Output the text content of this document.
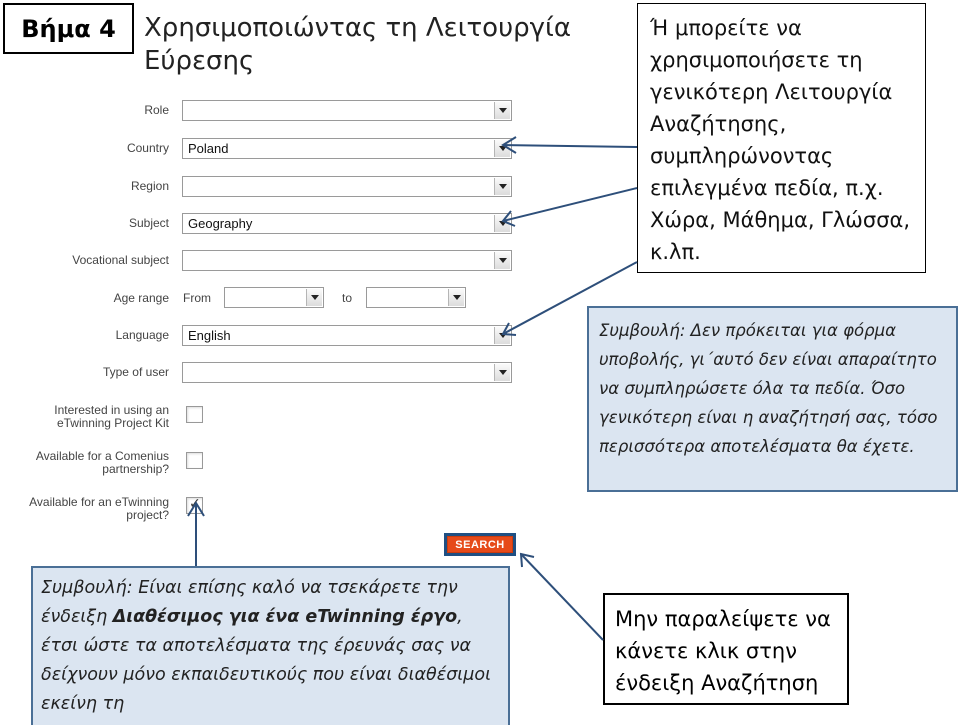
Βήμα 4	Χρησιμοποιώντας τη Λειτουργία Εύρεσης
Role
Country	Poland
Region
Subject	Geography
Vocational subject
Age range From	to
Language	English
Type of user
Interested in using an eTwinning Project Kit
Available for a Comenius partnership?
Available for an eTwinning project?
✓
SEARCH
Ή μπορείτε να χρησιμοποιήσετε τη γενικότερη Λειτουργία Αναζήτησης, συμπληρώνοντας επιλεγμένα πεδία, π.χ. Χώρα, Μάθημα, Γλώσσα, κ.λπ.
Συμβουλή: Δεν πρόκειται για φόρμα υποβολής, γι΄αυτό δεν είναι απαραίτητο να συμπληρώσετε όλα τα πεδία. Όσο γενικότερη είναι η αναζήτησή σας, τόσο περισσότερα αποτελέσματα θα έχετε.
Συμβουλή: Είναι επίσης καλό να τσεκάρετε την ένδειξη Διαθέσιμος για ένα eTwinning έργο, έτσι ώστε τα αποτελέσματα της έρευνάς σας να δείχνουν μόνο εκπαιδευτικούς που είναι διαθέσιμοι εκείνη τη
Μην παραλείψετε να κάνετε κλικ στην ένδειξη Αναζήτηση
